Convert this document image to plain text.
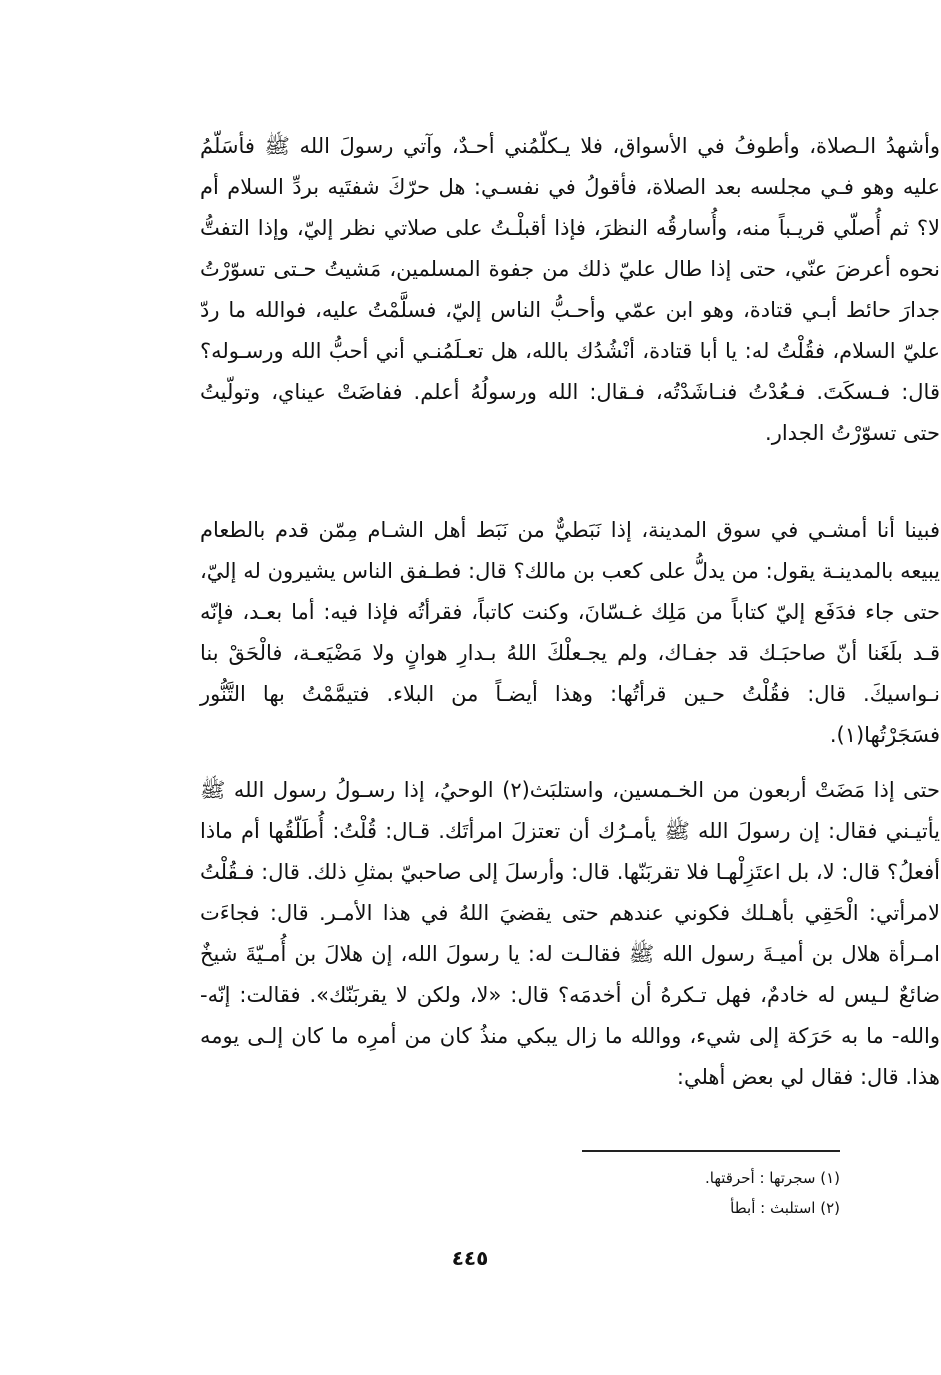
وأشهدُ الـصلاة، وأطوفُ في الأسواق، فلا يـكلّمُني أحـدٌ، وآتي رسولَ الله ﷺ فأسَلّمُ عليه وهو فـي مجلسه بعد الصلاة، فأقولُ في نفسـي: هل حرّكَ شفتَيه بردِّ السلام أم لا؟ ثم أُصلّي قريـباً منه، وأُسارقُه النظرَ، فإذا أقبلْـتُ على صلاتي نظر إليّ، وإذا التفتُّ نحوه أعرضَ عنّي، حتى إذا طال عليّ ذلك من جفوة المسلمين، مَشيتُ حـتى تسوّرْتُ جدارَ حائط أبـي قتادة، وهو ابن عمّي وأحـبُّ الناس إليّ، فسلَّمْتُ عليه، فوالله ما ردّ عليّ السلام، فقُلْتُ له: يا أبا قتادة، أنْشُدُك بالله، هل تعـلَمُنـي أني أحبُّ الله ورسـوله؟ قال: فـسكَتَ. فـعُدْتُ فنـاشَدْتُه، فـقال: الله ورسولُهُ أعلم. ففاضَتْ عيناي، وتولّيتُ حتى تسوّرْتُ الجدار.

فبينا أنا أمشـي في سوق المدينة، إذا نَبَطيٌّ من نَبَط أهل الشـام مِمّن قدم بالطعام يبيعه بالمدينـة يقول: من يدلُّ على كعب بن مالك؟ قال: فطـفق الناس يشيرون له إليّ، حتى جاء فدَفَع إليّ كتاباً من مَلِك غـسّانَ، وكنت كاتباً، فقرأتُه فإذا فيه: أما بعـد، فإنّه قـد بلَغَنا أنّ صاحبَـك قد جفـاك، ولم يجـعلْكَ اللهُ بـدارِ هوانٍ ولا مَضْيَعـة، فالْحَقْ بنا نـواسيكَ. قال: فقُلْتُ حـين قرأتُها: وهذا أيضـاً من البلاء. فتيمَّمْتُ بها التَّنُّور فسَجَرْتُها(١).

حتى إذا مَضَتْ أربعون من الخـمسين، واستلبَث(٢) الوحيُ، إذا رسـولُ رسول الله ﷺ يأتيـني فقال: إن رسولَ الله ﷺ يأمـرُك أن تعتزلَ امرأتَك. قـال: قُلْتُ: أُطَلّقُها أم ماذا أفعلُ؟ قال: لا، بل اعتَزِلْهـا فلا تقربَنّها. قال: وأرسلَ إلى صاحبيّ بمثلِ ذلك. قال: فـقُلْتُ لامرأتي: الْحَقِي بأهـلك فكوني عندهم حتى يقضيَ اللهُ في هذا الأمـر. قال: فجاءَت امـرأة هلال بن أميـةَ رسول الله ﷺ فقالـت له: يا رسولَ الله، إن هلالَ بن أُمـيّةَ شيخٌ ضائعٌ لـيس له خادمٌ، فهل تـكرهُ أن أخدمَه؟ قال: «لا، ولكن لا يقربَنّك». فقالت: إنّه- والله- ما به حَرَكة إلى شيء، ووالله ما زال يبكي منذُ كان من أمرِه ما كان إلـى يومه هذا. قال: فقال لي بعض أهلي:

(١) سجرتها : أحرقتها.

(٢) استلبث : أبطأ

٤٤٥
